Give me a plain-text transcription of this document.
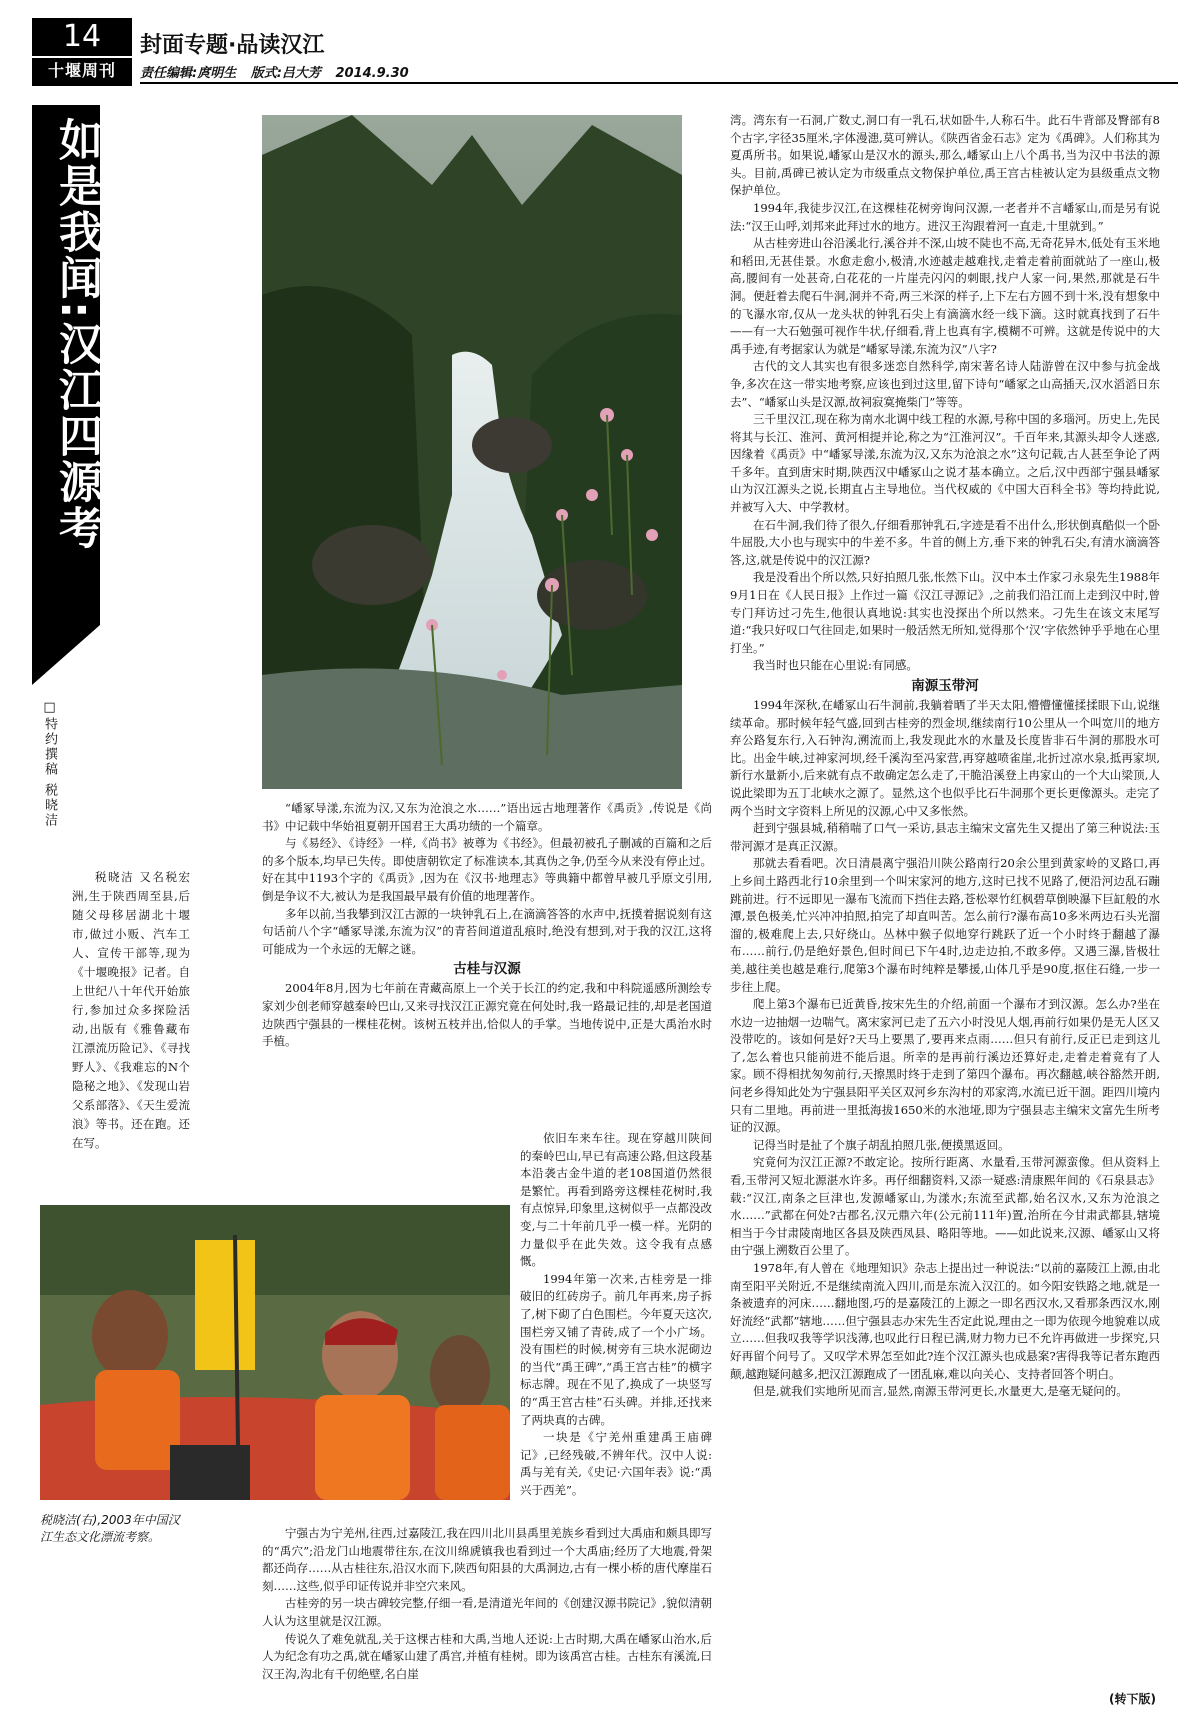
14
十堰周刊
封面专题·品读汉江
责任编辑:庹明生 版式:吕大芳 2014.9.30
如是我闻:汉江四源考
□特约撰稿 税晓洁
税晓洁 又名税宏洲,生于陕西周至县,后随父母移居湖北十堰市,做过小贩、汽车工人、宣传干部等,现为《十堰晚报》记者。自上世纪八十年代开始旅行,参加过众多探险活动,出版有《雅鲁藏布江漂流历险记》、《寻找野人》、《我难忘的N个隐秘之地》、《发现山岩父系部落》、《天生爱流浪》等书。还在跑。还在写。
税晓洁(右),2003年中国汉江生态文化漂流考察。

“嶓冢导漾,东流为汉,又东为沧浪之水……”语出远古地理著作《禹贡》,传说是《尚书》中记载中华始祖夏朝开国君王大禹功绩的一个篇章。

与《易经》、《诗经》一样,《尚书》被尊为《书经》。但最初被孔子删减的百篇和之后的多个版本,均早已失传。即使唐朝钦定了标准读本,其真伪之争,仍至今从来没有停止过。好在其中1193个字的《禹贡》,因为在《汉书·地理志》等典籍中都曾早被几乎原文引用,倒是争议不大,被认为是我国最早最有价值的地理著作。

多年以前,当我攀到汉江古源的一块钟乳石上,在滴滴答答的水声中,抚摸着据说刻有这句话前八个字“嶓冢导漾,东流为汉”的青苔间道道乱痕时,绝没有想到,对于我的汉江,这将可能成为一个永远的无解之谜。

古桂与汉源

2004年8月,因为七年前在青藏高原上一个关于长江的约定,我和中科院遥感所测绘专家刘少创老师穿越秦岭巴山,又来寻找汉江正源究竟在何处时,我一路最记挂的,却是老国道边陕西宁强县的一棵桂花树。该树五枝并出,恰似人的手掌。当地传说中,正是大禹治水时手植。

依旧车来车往。现在穿越川陕间的秦岭巴山,早已有高速公路,但这段基本沿袭古金牛道的老108国道仍然很是繁忙。再看到路旁这棵桂花树时,我有点惊异,印象里,这树似乎一点都没改变,与二十年前几乎一模一样。光阴的力量似乎在此失效。这令我有点感慨。

1994年第一次来,古桂旁是一排破旧的红砖房子。前几年再来,房子拆了,树下砌了白色围栏。今年夏天这次,围栏旁又铺了青砖,成了一个小广场。没有围栏的时候,树旁有三块水泥砌边的当代“禹王碑”,“禹王宫古桂”的横字标志牌。现在不见了,换成了一块竖写的“禹王宫古桂”石头碑。并排,还找来了两块真的古碑。

一块是《宁羌州重建禹王庙碑记》,已经残破,不辨年代。汉中人说:禹与羌有关,《史记·六国年表》说:“禹兴于西羌”。

宁强古为宁羌州,往西,过嘉陵江,我在四川北川县禹里羌族乡看到过大禹庙和颇具即写的“禹穴”;沿龙门山地震带往东,在汶川绵虒镇我也看到过一个大禹庙;经历了大地震,骨架都还尚存……从古桂往东,沿汉水而下,陕西旬阳县的大禹洞边,古有一棵小桥的唐代摩崖石刻……这些,似乎印证传说并非空穴来风。

古桂旁的另一块古碑较完整,仔细一看,是清道光年间的《创建汉源书院记》,貌似清朝人认为这里就是汉江源。

传说久了难免就乱,关于这棵古桂和大禹,当地人还说:上古时期,大禹在嶓冢山治水,后人为纪念有功之禹,就在嶓冢山建了禹宫,并植有桂树。即为该禹宫古桂。古桂东有溪流,曰汉王沟,沟北有千仞绝壁,名白崖

湾。湾东有一石洞,广数丈,洞口有一乳石,状如卧牛,人称石牛。此石牛背部及臀部有8个古字,字径35厘米,字体漫漶,莫可辨认。《陕西省金石志》定为《禹碑》。人们称其为夏禹所书。如果说,嶓冢山是汉水的源头,那么,嶓冢山上八个禹书,当为汉中书法的源头。目前,禹碑已被认定为市级重点文物保护单位,禹王宫古桂被认定为县级重点文物保护单位。

1994年,我徒步汉江,在这棵桂花树旁询问汉源,一老者并不言嶓冢山,而是另有说法:“汉王山呼,刘邦来此拜过水的地方。进汉王沟跟着河一直走,十里就到。”

从古桂旁进山谷沿溪北行,溪谷并不深,山坡不陡也不高,无奇花异木,低处有玉米地和稻田,无甚佳景。水愈走愈小,极清,水迹越走越难找,走着走着前面就站了一座山,极高,腰间有一处甚奇,白花花的一片崖壳闪闪的刺眼,找户人家一问,果然,那就是石牛洞。便赶着去爬石牛洞,洞并不奇,两三米深的样子,上下左右方圆不到十米,没有想象中的飞瀑水帘,仅从一龙头状的钟乳石尖上有滴滴水经一线下滴。这时就真找到了石牛——有一大石勉强可视作牛状,仔细看,背上也真有字,模糊不可辨。这就是传说中的大禹手迹,有考据家认为就是“嶓冢导漾,东流为汉”八字?

古代的文人其实也有很多迷恋自然科学,南宋著名诗人陆游曾在汉中参与抗金战争,多次在这一带实地考察,应该也到过这里,留下诗句“嶓冢之山高插天,汉水滔滔日东去”、“嶓冢山头是汉源,故祠寂寞掩柴门”等等。

三千里汉江,现在称为南水北调中线工程的水源,号称中国的多瑙河。历史上,先民将其与长江、淮河、黄河相提并论,称之为“江淮河汉”。千百年来,其源头却令人迷惑,因缘着《禹贡》中“嶓冢导漾,东流为汉,又东为沧浪之水”这句记载,古人甚至争论了两千多年。直到唐宋时期,陕西汉中嶓冢山之说才基本确立。之后,汉中西部宁强县嶓冢山为汉江源头之说,长期直占主导地位。当代权威的《中国大百科全书》等均持此说,并被写入大、中学教材。

在石牛洞,我们待了很久,仔细看那钟乳石,字迹是看不出什么,形状倒真酷似一个卧牛屈股,大小也与现实中的牛差不多。牛首的侧上方,垂下来的钟乳石尖,有清水滴滴答答,这,就是传说中的汉江源?

我是没看出个所以然,只好拍照几张,怅然下山。汉中本土作家刁永泉先生1988年9月1日在《人民日报》上作过一篇《汉江寻源记》,之前我们沿江而上走到汉中时,曾专门拜访过刁先生,他很认真地说:其实也没探出个所以然来。刁先生在该文末尾写道:“我只好叹口气往回走,如果时一般活然无所知,觉得那个‘汉’字依然钟乎乎地在心里打坐。”

我当时也只能在心里说:有同感。

南源玉带河

1994年深秋,在嶓冢山石牛洞前,我躺着晒了半天太阳,懵懵懂懂揉揉眼下山,说继续革命。那时候年轻气盛,回到古桂旁的烈金坝,继续南行10公里从一个叫宽川的地方弃公路复东行,入石钟沟,溯流而上,我发现此水的水量及长度皆非石牛洞的那股水可比。出金牛峡,过神家河坝,经千溪沟至冯家营,再穿越喷雀崖,北折过凉水泉,抵再家坝,新行水量新小,后来就有点不敢确定怎么走了,干脆沿溪登上冉家山的一个大山梁顶,人说此梁即为五丁北峡水之源了。显然,这个也似乎比石牛洞那个更长更像源头。走完了两个当时文字资料上所见的汉源,心中又多怅然。

赶到宁强县城,稍稍喘了口气一采访,县志主编宋文富先生又提出了第三种说法:玉带河源才是真正汉源。

那就去看看吧。次日清晨离宁强沿川陕公路南行20余公里到黄家岭的叉路口,再上乡间土路西北行10余里到一个叫宋家河的地方,这时已找不见路了,便沿河边乱石蹦跳前进。行不远即见一瀑布飞流而下挡住去路,苍松翠竹红枫碧草倒映瀑下巨缸般的水潭,景色极美,忙兴冲冲拍照,拍完了却直叫苦。怎么前行?瀑布高10多米两边石头光溜溜的,极难爬上去,只好绕山。丛林中猴子似地穿行跳跃了近一个小时终于翻越了瀑布……前行,仍是绝好景色,但时间已下午4时,边走边拍,不敢多停。又遇三瀑,皆极壮美,越往美也越是难行,爬第3个瀑布时纯粹是攀援,山体几乎是90度,抠住石缝,一步一步往上爬。

爬上第3个瀑布已近黄昏,按宋先生的介绍,前面一个瀑布才到汉源。怎么办?坐在水边一边抽烟一边喘气。离宋家河已走了五六小时没见人烟,再前行如果仍是无人区又没带吃的。该如何是好?天马上要黑了,要再来点雨……但只有前行,反正已走到这儿了,怎么着也只能前进不能后退。所幸的是再前行溪边还算好走,走着走着竟有了人家。顾不得相扰匆匆前行,天擦黑时终于走到了第四个瀑布。再次翻越,峡谷豁然开朗,问老乡得知此处为宁强县阳平关区双河乡东沟村的邓家湾,水流已近干涸。距四川境内只有二里地。再前进一里抵海拔1650米的水池垭,即为宁强县志主编宋文富先生所考证的汉源。

记得当时是扯了个旗子胡乱拍照几张,便摸黑返回。

究竟何为汉江正源?不敢定论。按所行距离、水量看,玉带河源蛮像。但从资料上看,玉带河又短北源湛水许多。再仔细翻资料,又添一疑惑:清康熙年间的《石泉县志》载:“汉江,南条之巨津也,发源嶓冢山,为漾水;东流至武都,始名汉水,又东为沧浪之水……”武都在何处?古郡名,汉元鼎六年(公元前111年)置,治所在今甘肃武都县,辖境相当于今甘肃陵南地区各县及陕西凤县、略阳等地。——如此说来,汉源、嶓冢山又将由宁强上溯数百公里了。

1978年,有人曾在《地理知识》杂志上提出过一种说法:“以前的嘉陵江上源,由北南至阳平关附近,不是继续南流入四川,而是东流入汉江的。如今阳安铁路之地,就是一条被遗弃的河床……翻地图,巧的是嘉陵江的上源之一即名西汉水,又看那条西汉水,刚好流经“武都”辖地……但宁强县志办宋先生否定此说,理由之一即为依现今地貌难以成立……但我叹我等学识浅薄,也叹此行日程已满,财力物力已不允许再做进一步探究,只好再留个问号了。又叹学术界怎至如此?连个汉江源头也成悬案?害得我等记者东跑西颠,越跑疑问越多,把汉江源跑成了一团乱麻,难以向关心、支持者回答个明白。

但是,就我们实地所见而言,显然,南源玉带河更长,水量更大,是毫无疑问的。

(转下版)
